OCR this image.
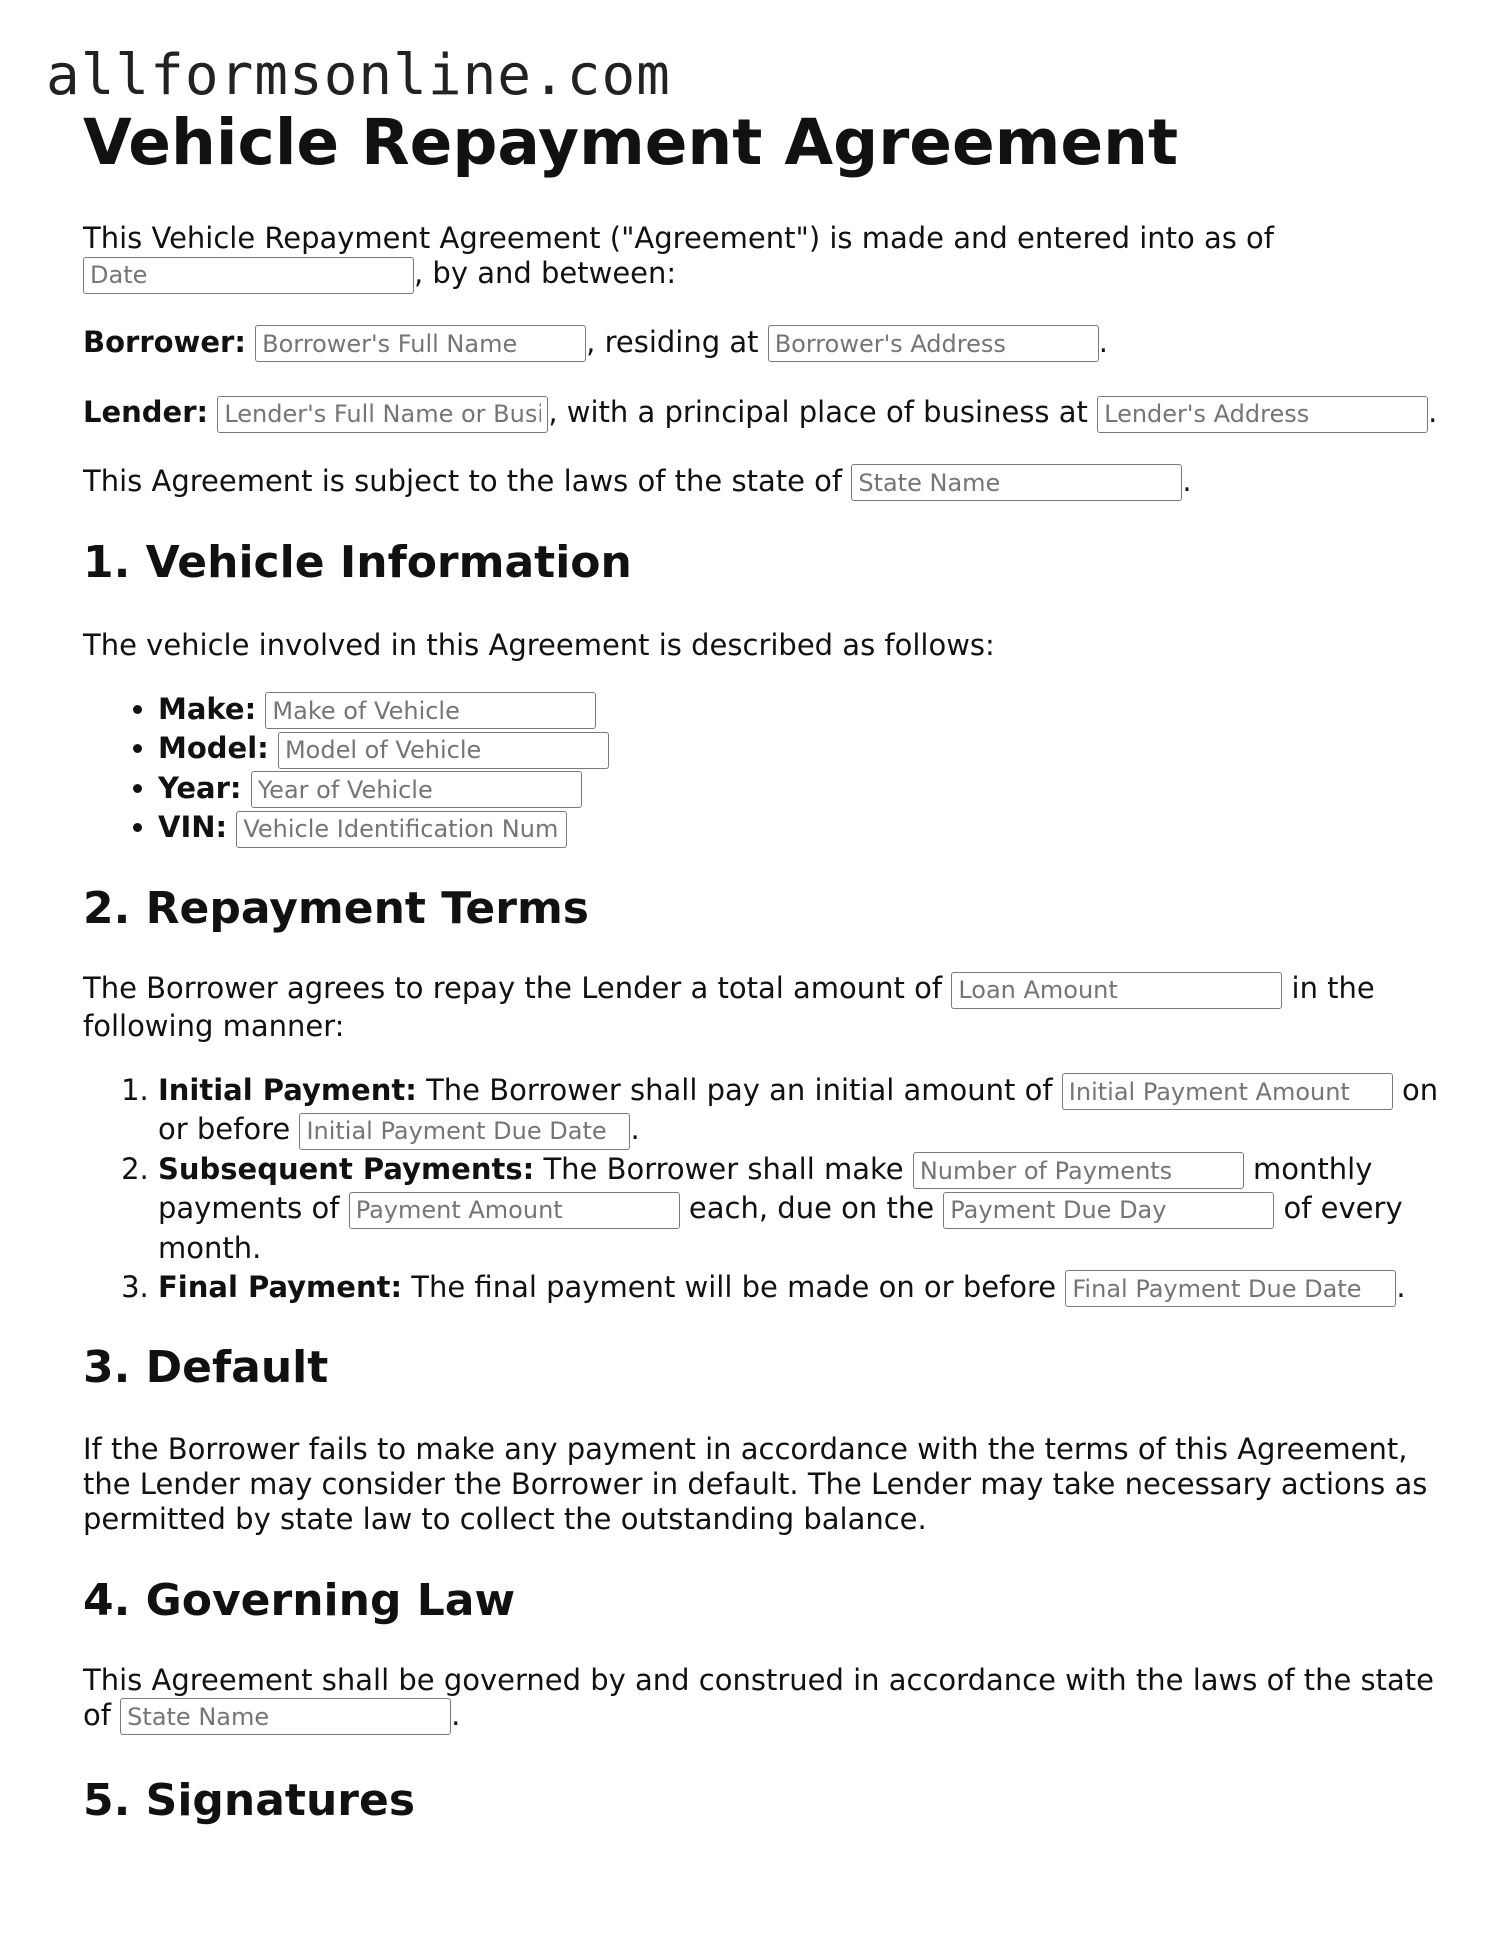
allformsonline.com
Vehicle Repayment Agreement

This Vehicle Repayment Agreement ("Agreement") is made and entered into as of Date, by and between:

Borrower: Borrower's Full Name	, residing at Borrower's Address	.

Lender: Lender's Full Name or Business Name	, with a principal place of business at Lender's Address	.

This Agreement is subject to the laws of the state of State Name	.

1. Vehicle Information

The vehicle involved in this Agreement is described as follows:

• Make: Make of Vehicle
• Model: Model of Vehicle
• Year: Year of Vehicle
• VIN: Vehicle Identification Number
2. Repayment Terms

The Borrower agrees to repay the Lender a total amount of Loan Amount	in the following manner:

1. Initial Payment: The Borrower shall pay an initial amount of Initial Payment Amount	on or before Initial Payment Due Date	.
2. Subsequent Payments: The Borrower shall make Number of Payments	monthly payments of Payment Amount	each, due on the Payment Due Day	of every month.
3. Final Payment: The final payment will be made on or before Final Payment Due Date	.
3. Default

If the Borrower fails to make any payment in accordance with the terms of this Agreement, the Lender may consider the Borrower in default. The Lender may take necessary actions as permitted by state law to collect the outstanding balance.

4. Governing Law

This Agreement shall be governed by and construed in accordance with the laws of the state of State Name	.

5. Signatures
